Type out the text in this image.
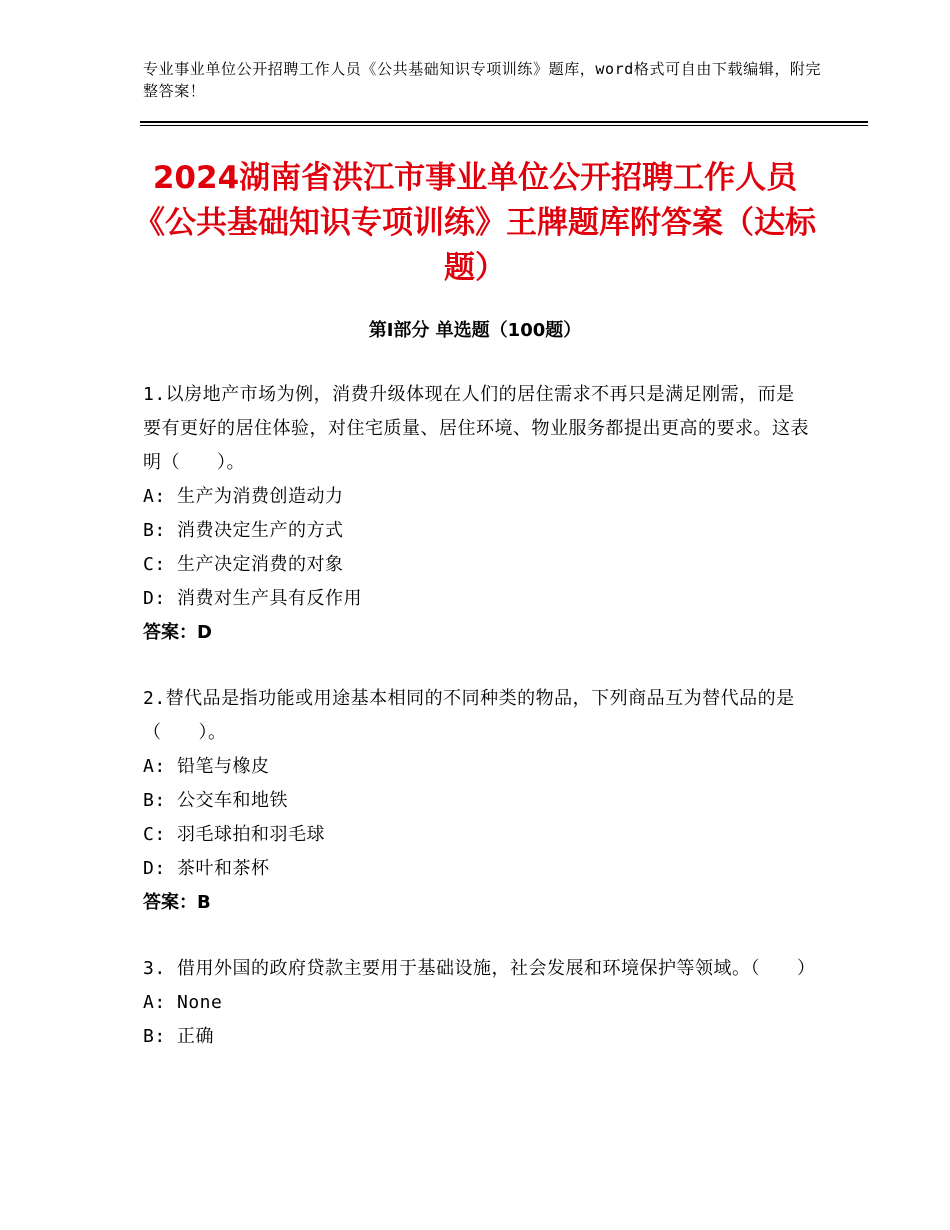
专业事业单位公开招聘工作人员《公共基础知识专项训练》题库，word格式可自由下载编辑，附完整答案！
2024湖南省洪江市事业单位公开招聘工作人员《公共基础知识专项训练》王牌题库附答案（达标题）
第Ⅰ部分 单选题（100题）
1.以房地产市场为例，消费升级体现在人们的居住需求不再只是满足刚需，而是要有更好的居住体验，对住宅质量、居住环境、物业服务都提出更高的要求。这表明（　　）。
A: 生产为消费创造动力
B: 消费决定生产的方式
C: 生产决定消费的对象
D: 消费对生产具有反作用
答案：D
2.替代品是指功能或用途基本相同的不同种类的物品，下列商品互为替代品的是（　　）。
A: 铅笔与橡皮
B: 公交车和地铁
C: 羽毛球拍和羽毛球
D: 茶叶和茶杯
答案：B
3. 借用外国的政府贷款主要用于基础设施，社会发展和环境保护等领域。（　　）
A: None
B: 正确
